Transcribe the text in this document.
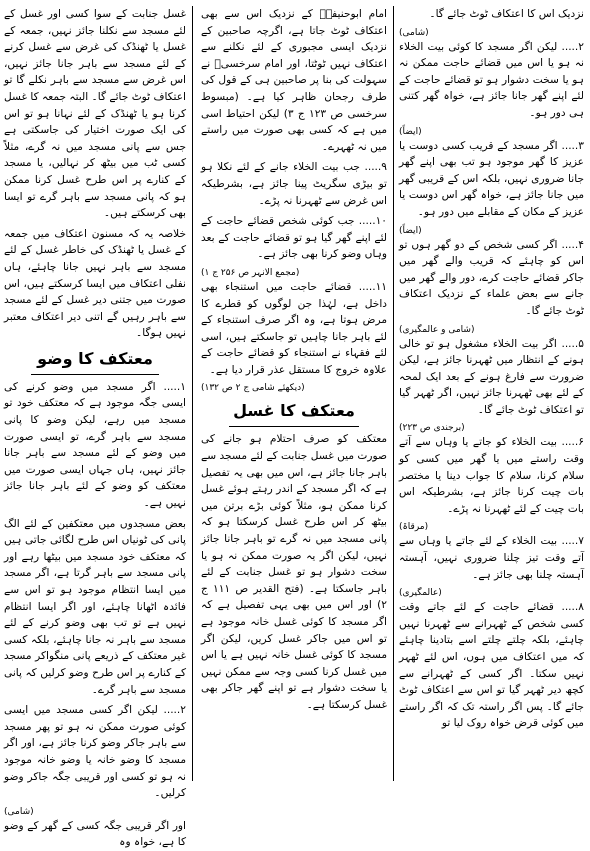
نزدیک اس کا اعتکاف ٹوٹ جائے گا۔

(شامی)

۲..... لیکن اگر مسجد کا کوئی بیت الخلاء نہ ہو یا اس میں قضائے حاجت ممکن نہ ہو یا سخت دشوار ہو تو قضائے حاجت کے لئے اپنے گھر جانا جائز ہے، خواہ گھر کتنی ہی دور ہو۔

(ایضاً)

۳..... اگر مسجد کے قریب کسی دوست یا عزیز کا گھر موجود ہو تب بھی اپنے گھر جانا ضروری نہیں، بلکہ اس کے قریبی گھر میں جانا جائز ہے، خواہ گھر اس دوست یا عزیز کے مکان کے مقابلے میں دور ہو۔

(ایضاً)

۴..... اگر کسی شخص کے دو گھر ہوں تو اس کو چاہئے کہ قریب والے گھر میں جاکر قضائے حاجت کرے، دور والے گھر میں جانے سے بعض علماء کے نزدیک اعتکاف ٹوٹ جائے گا۔

(شامی و عالمگیری)

۵..... اگر بیت الخلاء مشغول ہو تو خالی ہونے کے انتظار میں ٹھہرنا جائز ہے، لیکن ضرورت سے فارغ ہونے کے بعد ایک لمحہ کے لئے بھی ٹھہرنا جائز نہیں، اگر ٹھہر گیا تو اعتکاف ٹوٹ جائے گا۔

(برجندی ص ۲۲۳)

۶..... بیت الخلاء کو جاتے یا وہاں سے آتے وقت راستے میں یا گھر میں کسی کو سلام کرنا، سلام کا جواب دینا یا مختصر بات چیت کرنا جائز ہے، بشرطیکہ اس بات چیت کے لئے ٹھہرنا نہ پڑے۔

(مرقاۃ)

۷..... بیت الخلاء کے لئے جاتے یا وہاں سے آتے وقت تیز چلنا ضروری نہیں، آہستہ آہستہ چلنا بھی جائز ہے۔

(عالمگیری)

۸..... قضائے حاجت کے لئے جاتے وقت کسی شخص کے ٹھہرانے سے ٹھہرنا نہیں چاہئے، بلکہ چلتے چلتے اسے بتادینا چاہئے کہ میں اعتکاف میں ہوں، اس لئے ٹھہر نہیں سکتا۔ اگر کسی کے ٹھہرانے سے کچھ دیر ٹھہر گیا تو اس سے اعتکاف ٹوٹ جائے گا۔ پس اگر راستہ تک کہ اگر راستے میں کوئی قرض خواہ روک لیا تو

امام ابوحنیفہؒ کے نزدیک اس سے بھی اعتکاف ٹوٹ جاتا ہے، اگرچہ صاحبین کے نزدیک ایسی مجبوری کے لئے نکلنے سے اعتکاف نہیں ٹوٹتا، اور امام سرخسیؒ نے سہولت کی بنا پر صاحبین ہی کے قول کی طرف رجحان ظاہر کیا ہے۔ (مبسوط سرخسی ص ۱۲۳ ج ۳) لیکن احتیاط اسی میں ہے کہ کسی بھی صورت میں راستے میں نہ ٹھہرے۔

۹..... جب بیت الخلاء جانے کے لئے نکلا ہو تو بیڑی سگریٹ پینا جائز ہے، بشرطیکہ اس غرض سے ٹھہرنا نہ پڑے۔

۱۰..... جب کوئی شخص قضائے حاجت کے لئے اپنے گھر گیا ہو تو قضائے حاجت کے بعد وہاں وضو کرنا بھی جائز ہے۔

(مجمع الانہر ص ۲۵۶ ج ۱)

۱۱..... قضائے حاجت میں استنجاء بھی داخل ہے، لہٰذا جن لوگوں کو قطرے کا مرض ہوتا ہے، وہ اگر صرف استنجاء کے لئے باہر جانا چاہیں تو جاسکتے ہیں، اسی لئے فقہاء نے استنجاء کو قضائے حاجت کے علاوہ خروج کا مستقل عذر قرار دیا ہے۔

(دیکھئے شامی ج ۲ ص ۱۳۲)
معتکف کا غسل

معتکف کو صرف احتلام ہو جانے کی صورت میں غسل جنابت کے لئے مسجد سے باہر جانا جائز ہے، اس میں بھی یہ تفصیل ہے کہ اگر مسجد کے اندر رہتے ہوئے غسل کرنا ممکن ہو، مثلاً کوئی بڑے برتن میں بیٹھ کر اس طرح غسل کرسکتا ہو کہ پانی مسجد میں نہ گرے تو باہر جانا جائز نہیں، لیکن اگر یہ صورت ممکن نہ ہو یا سخت دشوار ہو تو غسل جنابت کے لئے باہر جاسکتا ہے۔ (فتح القدیر ص ۱۱۱ ج ۲) اور اس میں بھی یہی تفصیل ہے کہ اگر مسجد کا کوئی غسل خانہ موجود ہے تو اس میں جاکر غسل کریں، لیکن اگر مسجد کا کوئی غسل خانہ نہیں ہے یا اس میں غسل کرنا کسی وجہ سے ممکن نہیں یا سخت دشوار ہے تو اپنے گھر جاکر بھی غسل کرسکتا ہے۔

غسل جنابت کے سوا کسی اور غسل کے لئے مسجد سے نکلنا جائز نہیں، جمعہ کے غسل یا ٹھنڈک کی غرض سے غسل کرنے کے لئے مسجد سے باہر جانا جائز نہیں، اس غرض سے مسجد سے باہر نکلے گا تو اعتکاف ٹوٹ جائے گا۔ البتہ جمعہ کا غسل کرنا ہو یا ٹھنڈک کے لئے نہانا ہو تو اس کی ایک صورت اختیار کی جاسکتی ہے جس سے پانی مسجد میں نہ گرے، مثلاً کسی ٹب میں بیٹھ کر نہالیں، یا مسجد کے کنارے پر اس طرح غسل کرنا ممکن ہو کہ پانی مسجد سے باہر گرے تو ایسا بھی کرسکتے ہیں۔

خلاصہ یہ کہ مسنون اعتکاف میں جمعہ کے غسل یا ٹھنڈک کی خاطر غسل کے لئے مسجد سے باہر نہیں جانا چاہئے، ہاں نفلی اعتکاف میں ایسا کرسکتے ہیں، اس صورت میں جتنی دیر غسل کے لئے مسجد سے باہر رہیں گے اتنی دیر اعتکاف معتبر نہیں ہوگا۔

معتکف کا وضو

۱..... اگر مسجد میں وضو کرنے کی ایسی جگہ موجود ہے کہ معتکف خود تو مسجد میں رہے، لیکن وضو کا پانی مسجد سے باہر گرے، تو ایسی صورت میں وضو کے لئے مسجد سے باہر جانا جائز نہیں، ہاں جہاں ایسی صورت میں معتکف کو وضو کے لئے باہر جانا جائز نہیں ہے۔

بعض مسجدوں میں معتکفین کے لئے الگ پانی کی ٹونیاں اس طرح لگائی جاتی ہیں کہ معتکف خود مسجد میں بیٹھا رہے اور پانی مسجد سے باہر گرتا ہے، اگر مسجد میں ایسا انتظام موجود ہو تو اس سے فائدہ اٹھانا چاہئے، اور اگر ایسا انتظام نہیں ہے تو تب بھی وضو کرنے کے لئے مسجد سے باہر نہ جانا چاہئے، بلکہ کسی غیر معتکف کے ذریعے پانی منگواکر مسجد کے کنارے پر اس طرح وضو کرلیں کہ پانی مسجد سے باہر گرے۔

۲..... لیکن اگر کسی مسجد میں ایسی کوئی صورت ممکن نہ ہو تو پھر مسجد سے باہر جاکر وضو کرنا جائز ہے، اور اگر مسجد کا وضو خانہ یا وضو خانہ موجود نہ ہو تو کسی اور قریبی جگہ جاکر وضو کرلیں۔

(شامی)

اور اگر قریبی جگہ کسی کے گھر کے وضو کا ہے، خواہ وہ
